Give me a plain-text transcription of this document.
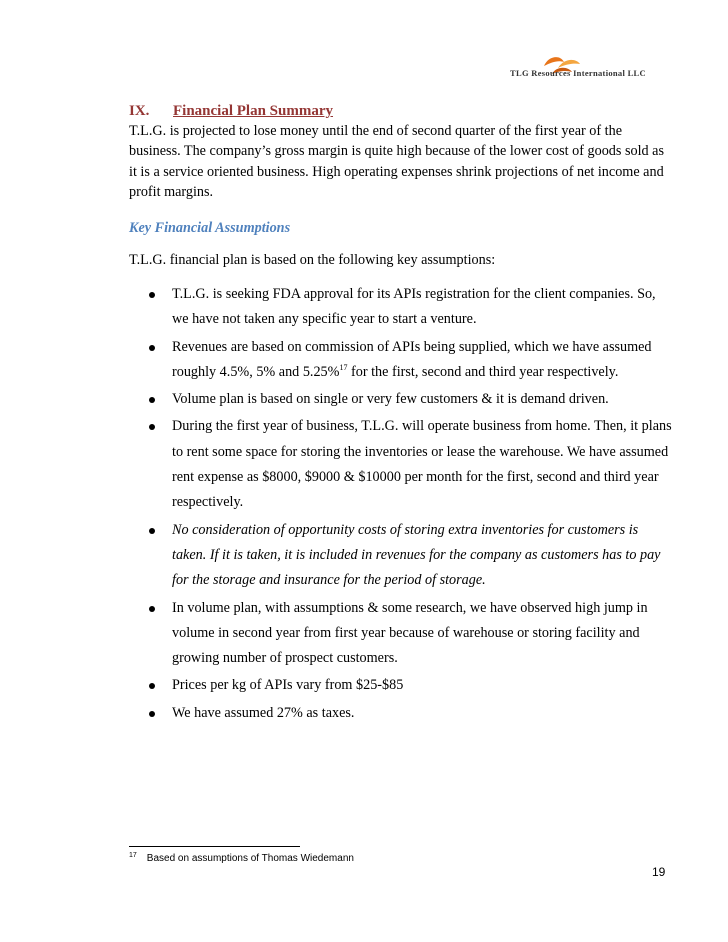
TLG Resources International LLC
IX. Financial Plan Summary

T.L.G. is projected to lose money until the end of second quarter of the first year of the business. The company’s gross margin is quite high because of the lower cost of goods sold as it is a service oriented business. High operating expenses shrink projections of net income and profit margins.

Key Financial Assumptions

T.L.G. financial plan is based on the following key assumptions:

T.L.G. is seeking FDA approval for its APIs registration for the client companies. So, we have not taken any specific year to start a venture.
Revenues are based on commission of APIs being supplied, which we have assumed roughly 4.5%, 5% and 5.25%$^{17}$ for the first, second and third year respectively.
Volume plan is based on single or very few customers & it is demand driven.
During the first year of business, T.L.G. will operate business from home. Then, it plans to rent some space for storing the inventories or lease the warehouse. We have assumed rent expense as $8000, $9000 & $10000 per month for the first, second and third year respectively.
No consideration of opportunity costs of storing extra inventories for customers is taken. If it is taken, it is included in revenues for the company as customers has to pay for the storage and insurance for the period of storage.
In volume plan, with assumptions & some research, we have observed high jump in volume in second year from first year because of warehouse or storing facility and growing number of prospect customers.
Prices per kg of APIs vary from $25-$85
We have assumed 27% as taxes.
$^{17}$ Based on assumptions of Thomas Wiedemann
19
